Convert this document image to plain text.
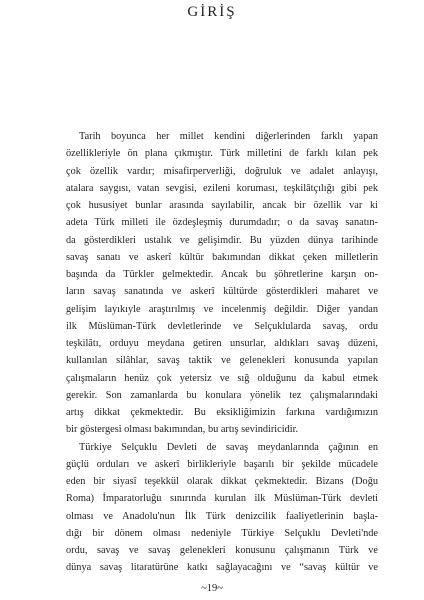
GİRİŞ
Tarih boyunca her millet kendini diğerlerinden farklı yapan
özellikleriyle ön plana çıkmıştır. Türk milletini de farklı kılan pek
çok özellik vardır; misafirperverliği, doğruluk ve adalet anlayışı,
atalara saygısı, vatan sevgisi, ezileni koruması, teşkilâtçılığı gibi pek
çok hususiyet bunlar arasında sayılabilir, ancak bir özellik var ki
adeta Türk milleti ile özdeşleşmiş durumdadır; o da savaş sanatın-
da gösterdikleri ustalık ve gelişimdir. Bu yüzden dünya tarihinde
savaş sanatı ve askerî kültür bakımından dikkat çeken milletlerin
başında da Türkler gelmektedir. Ancak bu şöhretlerine karşın on-
ların savaş sanatında ve askerî kültürde gösterdikleri maharet ve
gelişim layıkıyle araştırılmış ve incelenmiş değildir. Diğer yandan
ilk Müslüman-Türk devletlerinde ve Selçuklularda savaş, ordu
teşkilâtı, orduyu meydana getiren unsurlar, aldıkları savaş düzeni,
kullanılan silâhlar, savaş taktik ve gelenekleri konusunda yapılan
çalışmaların henüz çok yetersiz ve sığ olduğunu da kabul etmek
gerekir. Son zamanlarda bu konulara yönelik tez çalışmalarındaki
artış dikkat çekmektedir. Bu eksikliğimizin farkına vardığımızın
bir göstergesi olması bakımından, bu artış sevindiricidir.
Türkiye Selçuklu Devleti de savaş meydanlarında çağının en
güçlü orduları ve askerî birlikleriyle başarılı bir şekilde mücadele
eden bir siyasî teşekkül olarak dikkat çekmektedir. Bizans (Doğu
Roma) İmparatorluğu sınırında kurulan ilk Müslüman-Türk devleti
olması ve Anadolu'nun İlk Türk denizcilik faaliyetlerinin başla-
dığı bir dönem olması nedeniyle Türkiye Selçuklu Devleti'nde
ordu, savaş ve savaş gelenekleri konusunu çalışmanın Türk ve
dünya savaş litaratürüne katkı sağlayacağını ve “savaş kültür ve
~19~
